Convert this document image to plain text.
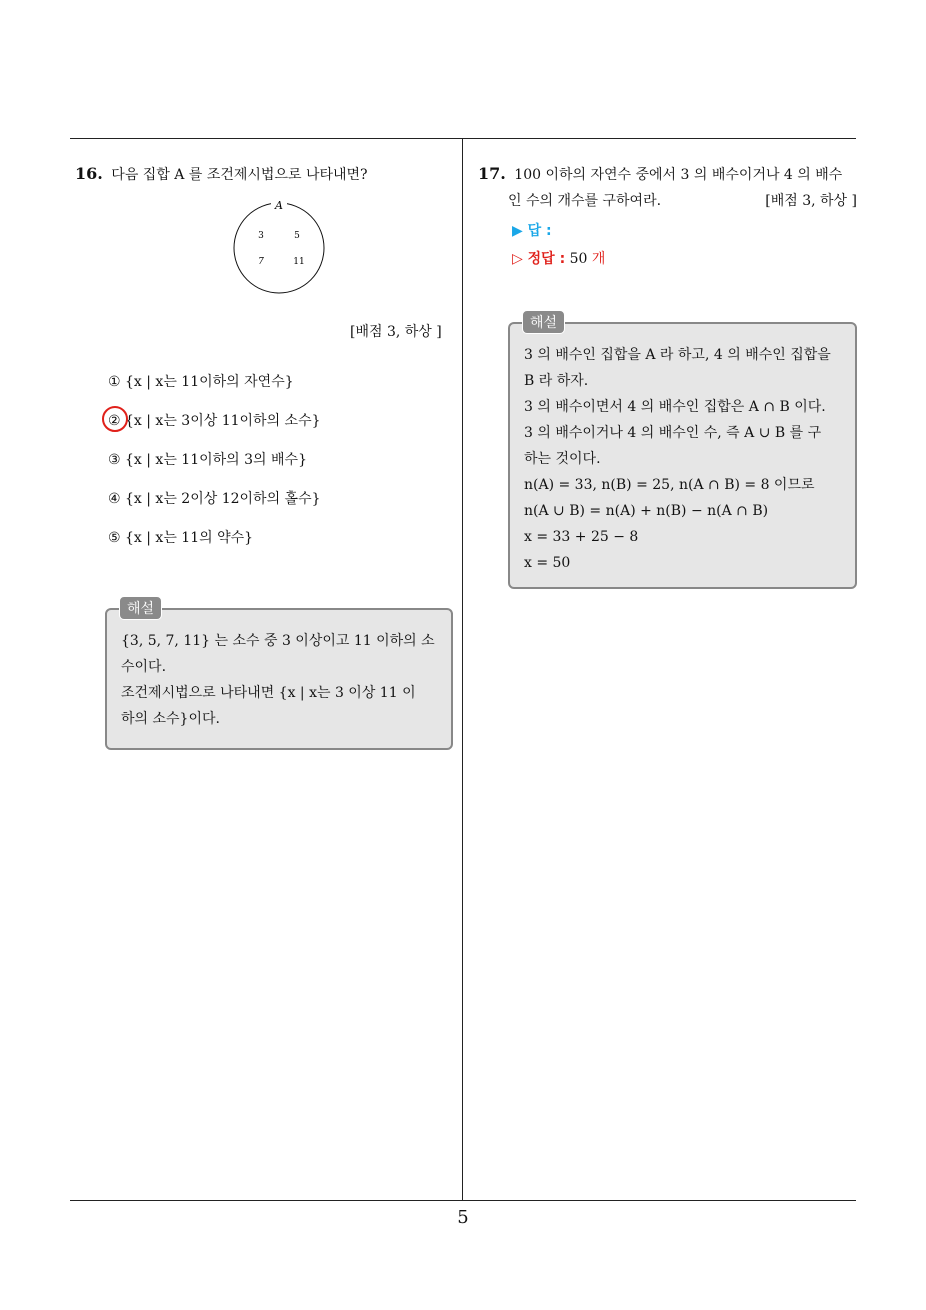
16. 다음 집합 A 를 조건제시법으로 나타내면?
A
3	5
7	11
[배점 3, 하상 ]
① {x | x는 11이하의 자연수}
② {x | x는 3이상 11이하의 소수}
③ {x | x는 11이하의 3의 배수}
④ {x | x는 2이상 12이하의 홀수}
⑤ {x | x는 11의 약수}
해설
{3, 5, 7, 11} 는 소수 중 3 이상이고 11 이하의 소
수이다.
조건제시법으로 나타내면 {x | x는 3 이상 11 이
하의 소수}이다.
17. 100 이하의 자연수 중에서 3 의 배수이거나 4 의 배수
인 수의 개수를 구하여라.	[배점 3, 하상 ]
▶ 답 :
▷ 정답 : 50 개
해설
3 의 배수인 집합을 A 라 하고, 4 의 배수인 집합을
B 라 하자.
3 의 배수이면서 4 의 배수인 집합은 A ∩ B 이다.
3 의 배수이거나 4 의 배수인 수, 즉 A ∪ B 를 구
하는 것이다.
n(A) = 33, n(B) = 25, n(A ∩ B) = 8 이므로
n(A ∪ B) = n(A) + n(B) − n(A ∩ B)
x = 33 + 25 − 8
x = 50
5
